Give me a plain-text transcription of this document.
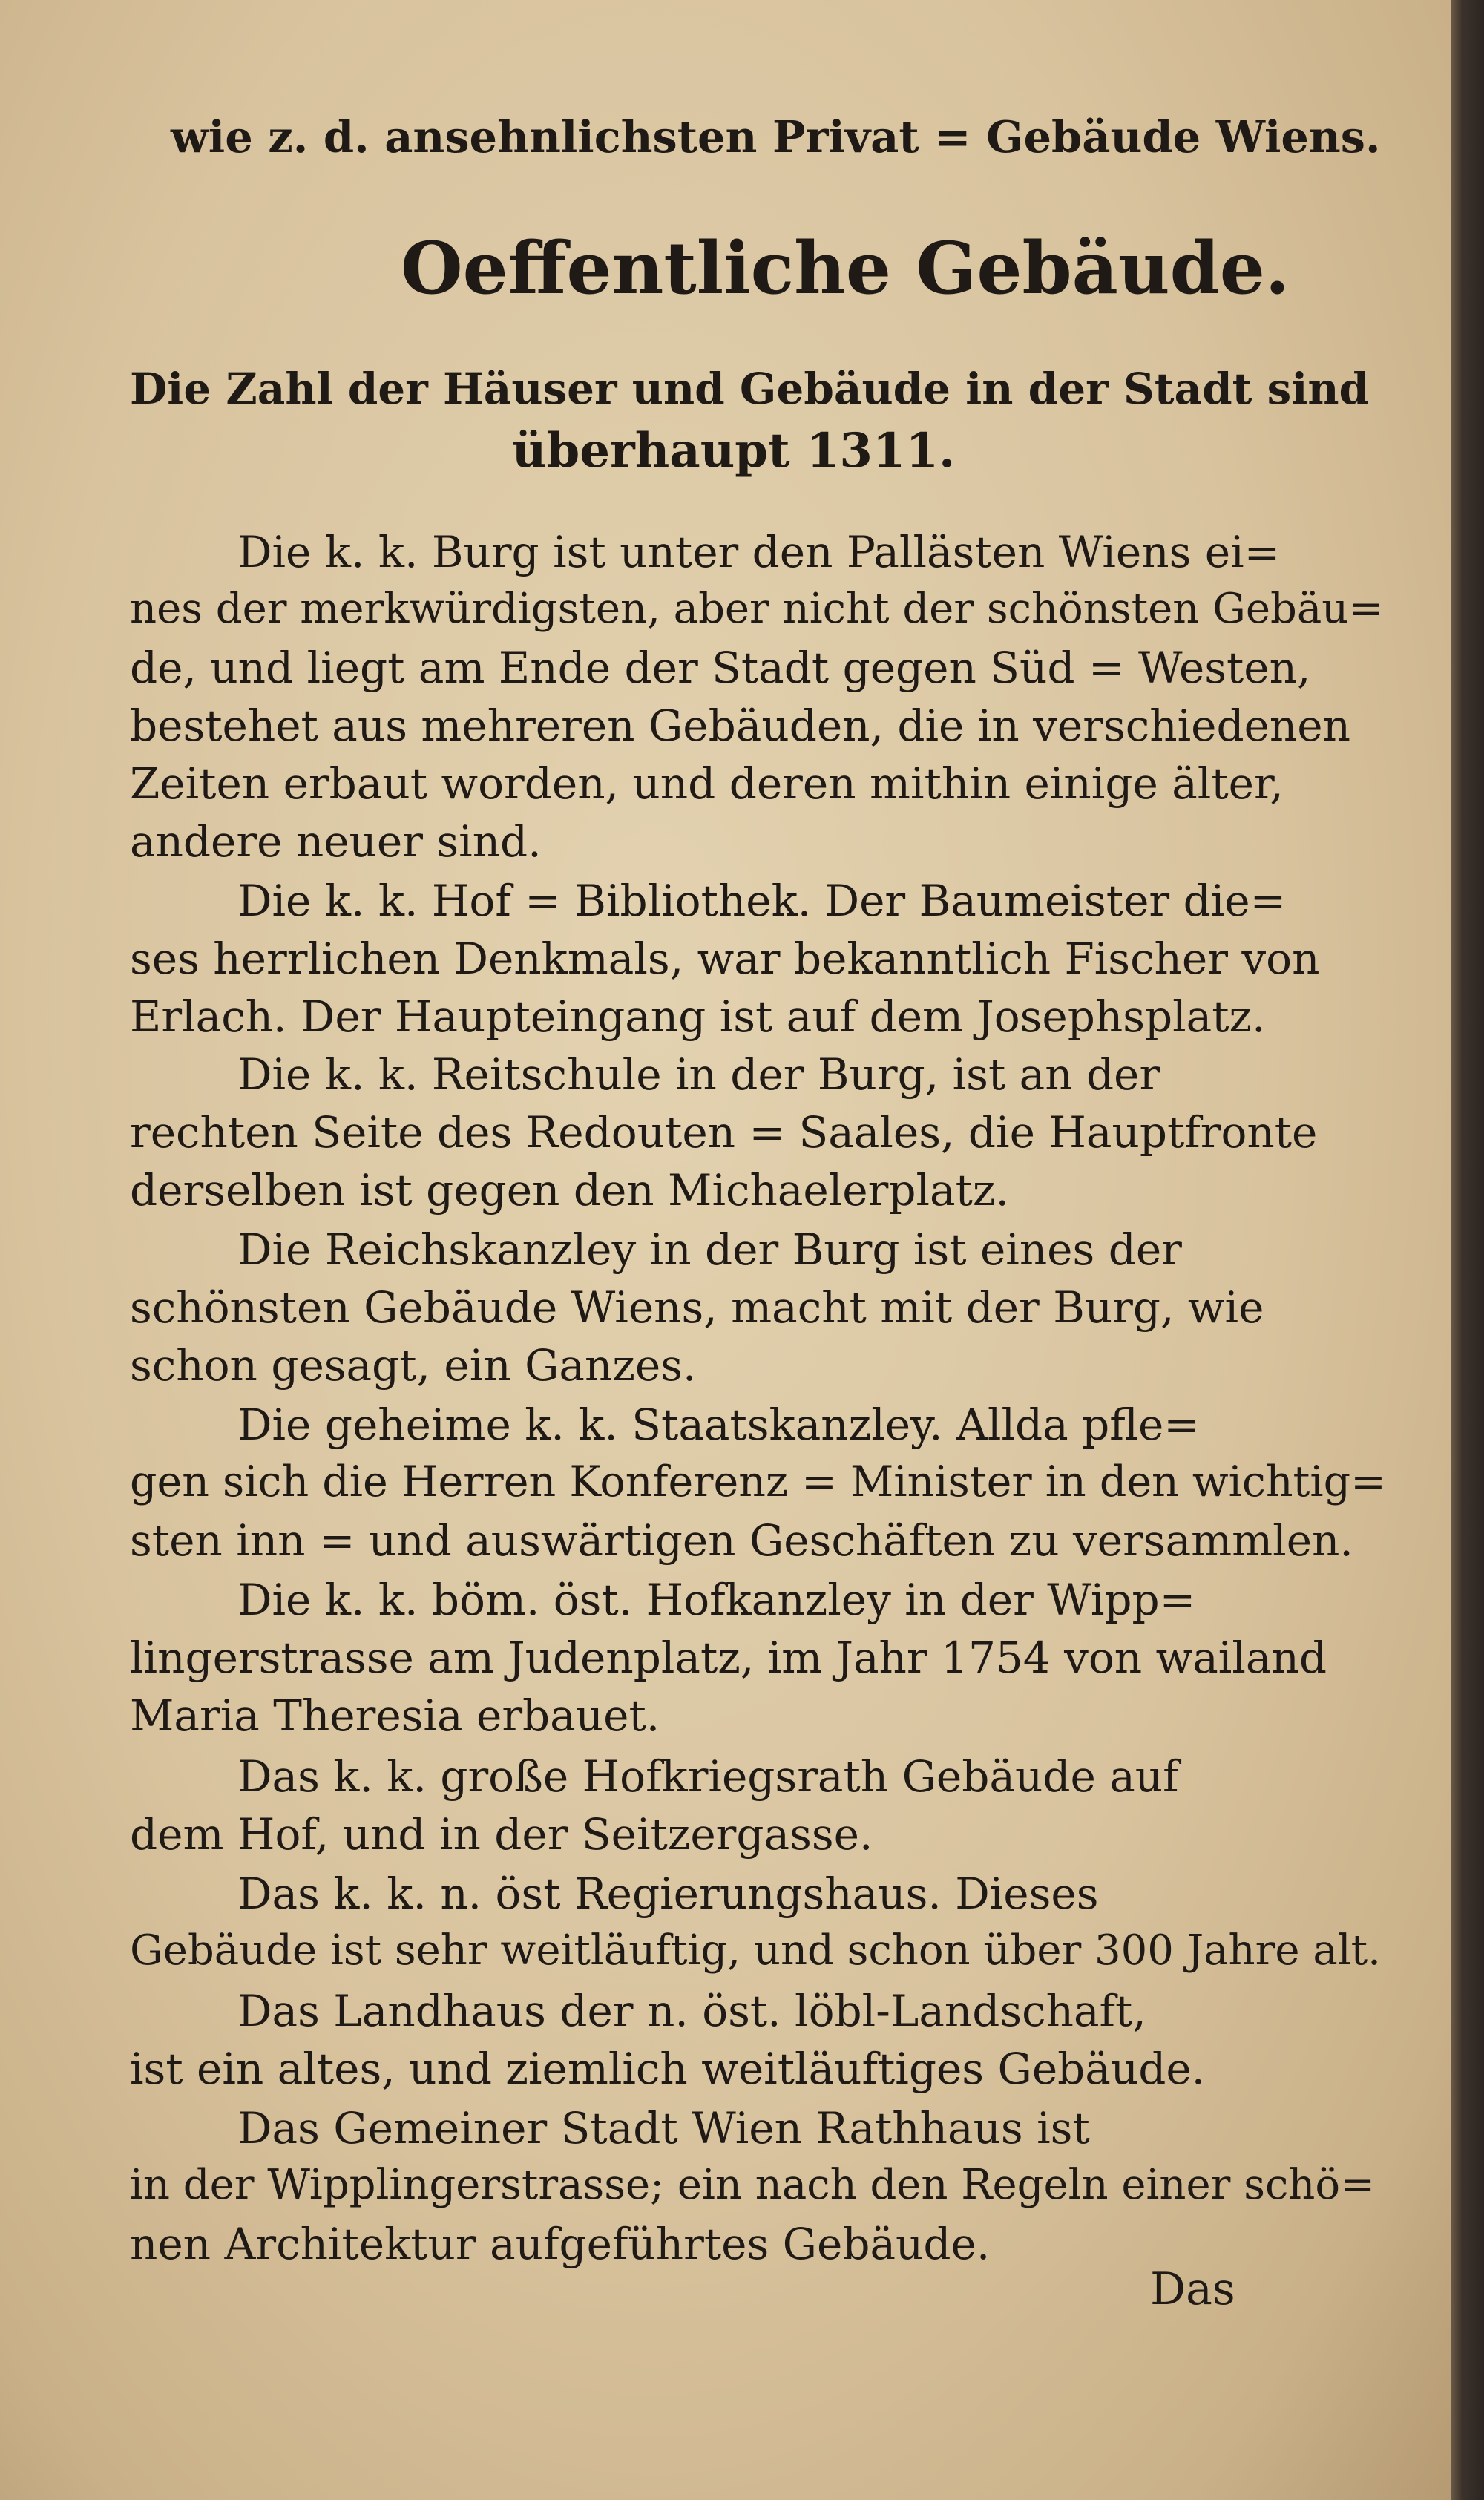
wie z. d. ansehnlichsten Privat = Gebäude Wiens.
Oeffentliche Gebäude.
Die Zahl der Häuser und Gebäude in der Stadt sind
überhaupt 1311.
Die k. k. Burg ist unter den Pallästen Wiens ei=
nes der merkwürdigsten, aber nicht der schönsten Gebäu=
de, und liegt am Ende der Stadt gegen Süd = Westen,
bestehet aus mehreren Gebäuden, die in verschiedenen
Zeiten erbaut worden, und deren mithin einige älter,
andere neuer sind.
Die k. k. Hof = Bibliothek. Der Baumeister die=
ses herrlichen Denkmals, war bekanntlich Fischer von
Erlach. Der Haupteingang ist auf dem Josephsplatz.
Die k. k. Reitschule in der Burg, ist an der
rechten Seite des Redouten = Saales, die Hauptfronte
derselben ist gegen den Michaelerplatz.
Die Reichskanzley in der Burg ist eines der
schönsten Gebäude Wiens, macht mit der Burg, wie
schon gesagt, ein Ganzes.
Die geheime k. k. Staatskanzley. Allda pfle=
gen sich die Herren Konferenz = Minister in den wichtig=
sten inn = und auswärtigen Geschäften zu versammlen.
Die k. k. böm. öst. Hofkanzley in der Wipp=
lingerstrasse am Judenplatz, im Jahr 1754 von wailand
Maria Theresia erbauet.
Das k. k. große Hofkriegsrath Gebäude auf
dem Hof, und in der Seitzergasse.
Das k. k. n. öst Regierungshaus. Dieses
Gebäude ist sehr weitläuftig, und schon über 300 Jahre alt.
Das Landhaus der n. öst. löbl-Landschaft,
ist ein altes, und ziemlich weitläuftiges Gebäude.
Das Gemeiner Stadt Wien Rathhaus ist
in der Wipplingerstrasse; ein nach den Regeln einer schö=
nen Architektur aufgeführtes Gebäude.
Das
